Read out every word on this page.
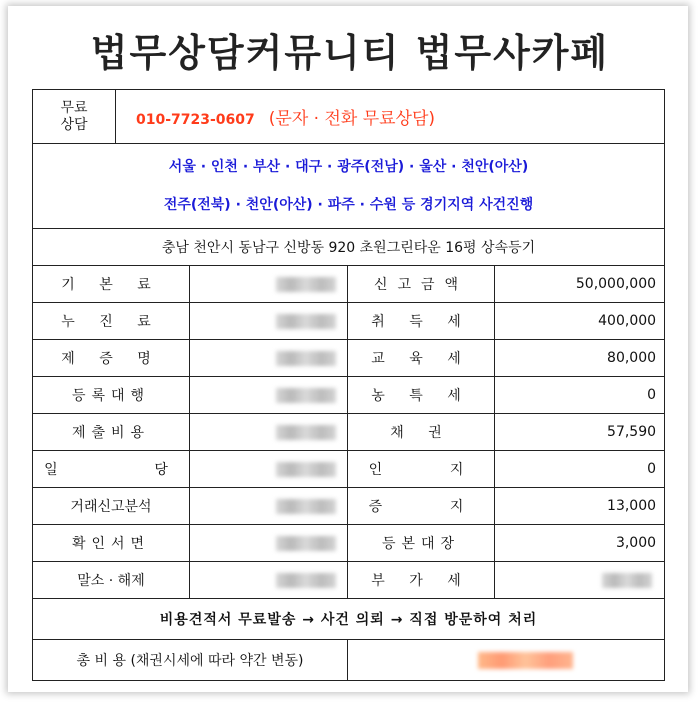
법무상담커뮤니티 법무사카페
무료
상담	010-7723-0607 (문자 · 전화 무료상담)			

서울 · 인천 · 부산 · 대구 · 광주(전남) · 울산 · 천안(아산)
전주(전북) · 천안(아산) · 파주 · 수원 등 경기지역 사건진행				

충남 천안시 동남구 신방동 920 초원그린타운 16평 상속등기				
기 본 료			신고금액	50,000,000
누 진 료			취 득 세	400,000
제 증 명			교 육 세	80,000
등록대행			농 특 세	0
제출비용			채 권	57,590
일      당			인    지	0
거래신고분석			증    지	13,000
확인서면			등본대장	3,000
말소 · 해제			부 가 세	

비용견적서 무료발송 → 사건 의뢰 → 직접 방문하여 처리				
총 비 용 (채권시세에 따라 약간 변동)				
